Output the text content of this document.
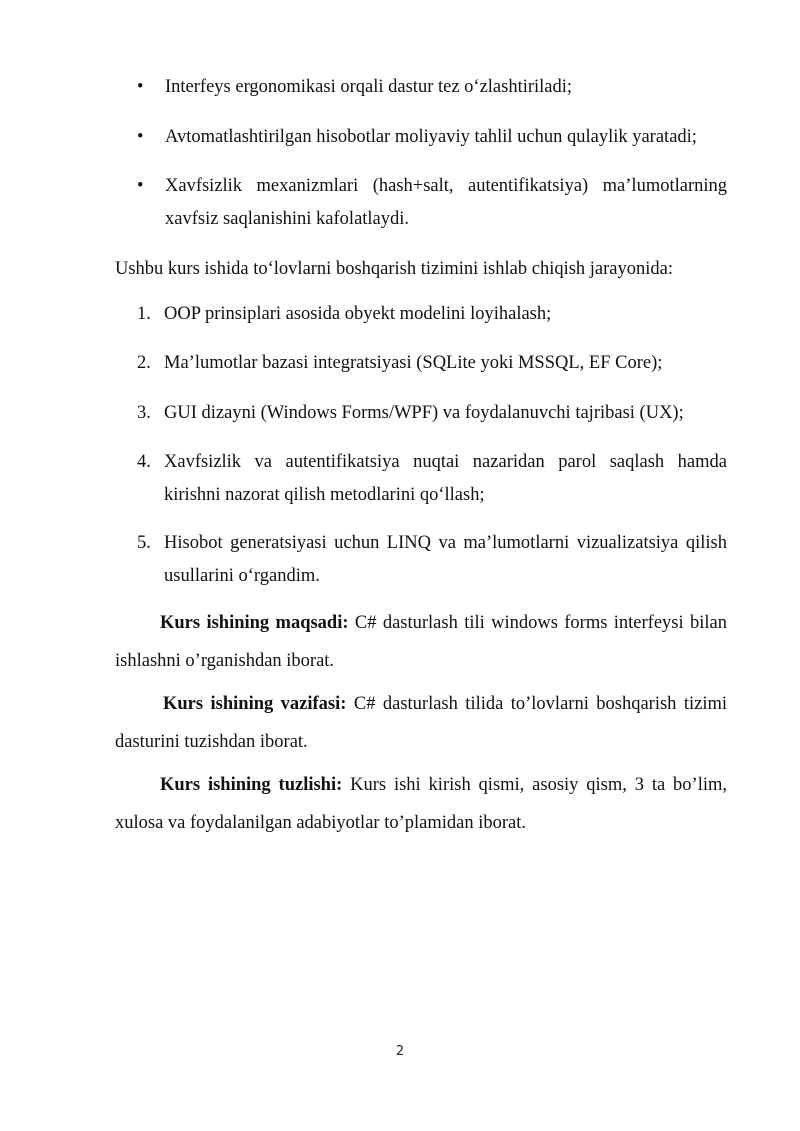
•	Interfeys ergonomikasi orqali dastur tez oʻzlashtiriladi;
•	Avtomatlashtirilgan hisobotlar moliyaviy tahlil uchun qulaylik yaratadi;
•	Xavfsizlik mexanizmlari (hash+salt, autentifikatsiya) maʼlumotlarning
xavfsiz saqlanishini kafolatlaydi.
Ushbu kurs ishida toʻlovlarni boshqarish tizimini ishlab chiqish jarayonida:
1. OOP prinsiplari asosida obyekt modelini loyihalash;
2. Maʼlumotlar bazasi integratsiyasi (SQLite yoki MSSQL, EF Core);
3. GUI dizayni (Windows Forms/WPF) va foydalanuvchi tajribasi (UX);
4. Xavfsizlik va autentifikatsiya nuqtai nazaridan parol saqlash hamda
kirishni nazorat qilish metodlarini qoʻllash;
5. Hisobot generatsiyasi uchun LINQ va maʼlumotlarni vizualizatsiya qilish
usullarini oʻrgandim.
Kurs ishining maqsadi: C# dasturlash tili windows forms interfeysi bilan
ishlashni o’rganishdan iborat.
Kurs ishining vazifasi: C# dasturlash tilida to’lovlarni boshqarish tizimi
dasturini tuzishdan iborat.
Kurs ishining tuzlishi: Kurs ishi kirish qismi, asosiy qism, 3 ta bo’lim,
xulosa va foydalanilgan adabiyotlar to’plamidan iborat.
2
